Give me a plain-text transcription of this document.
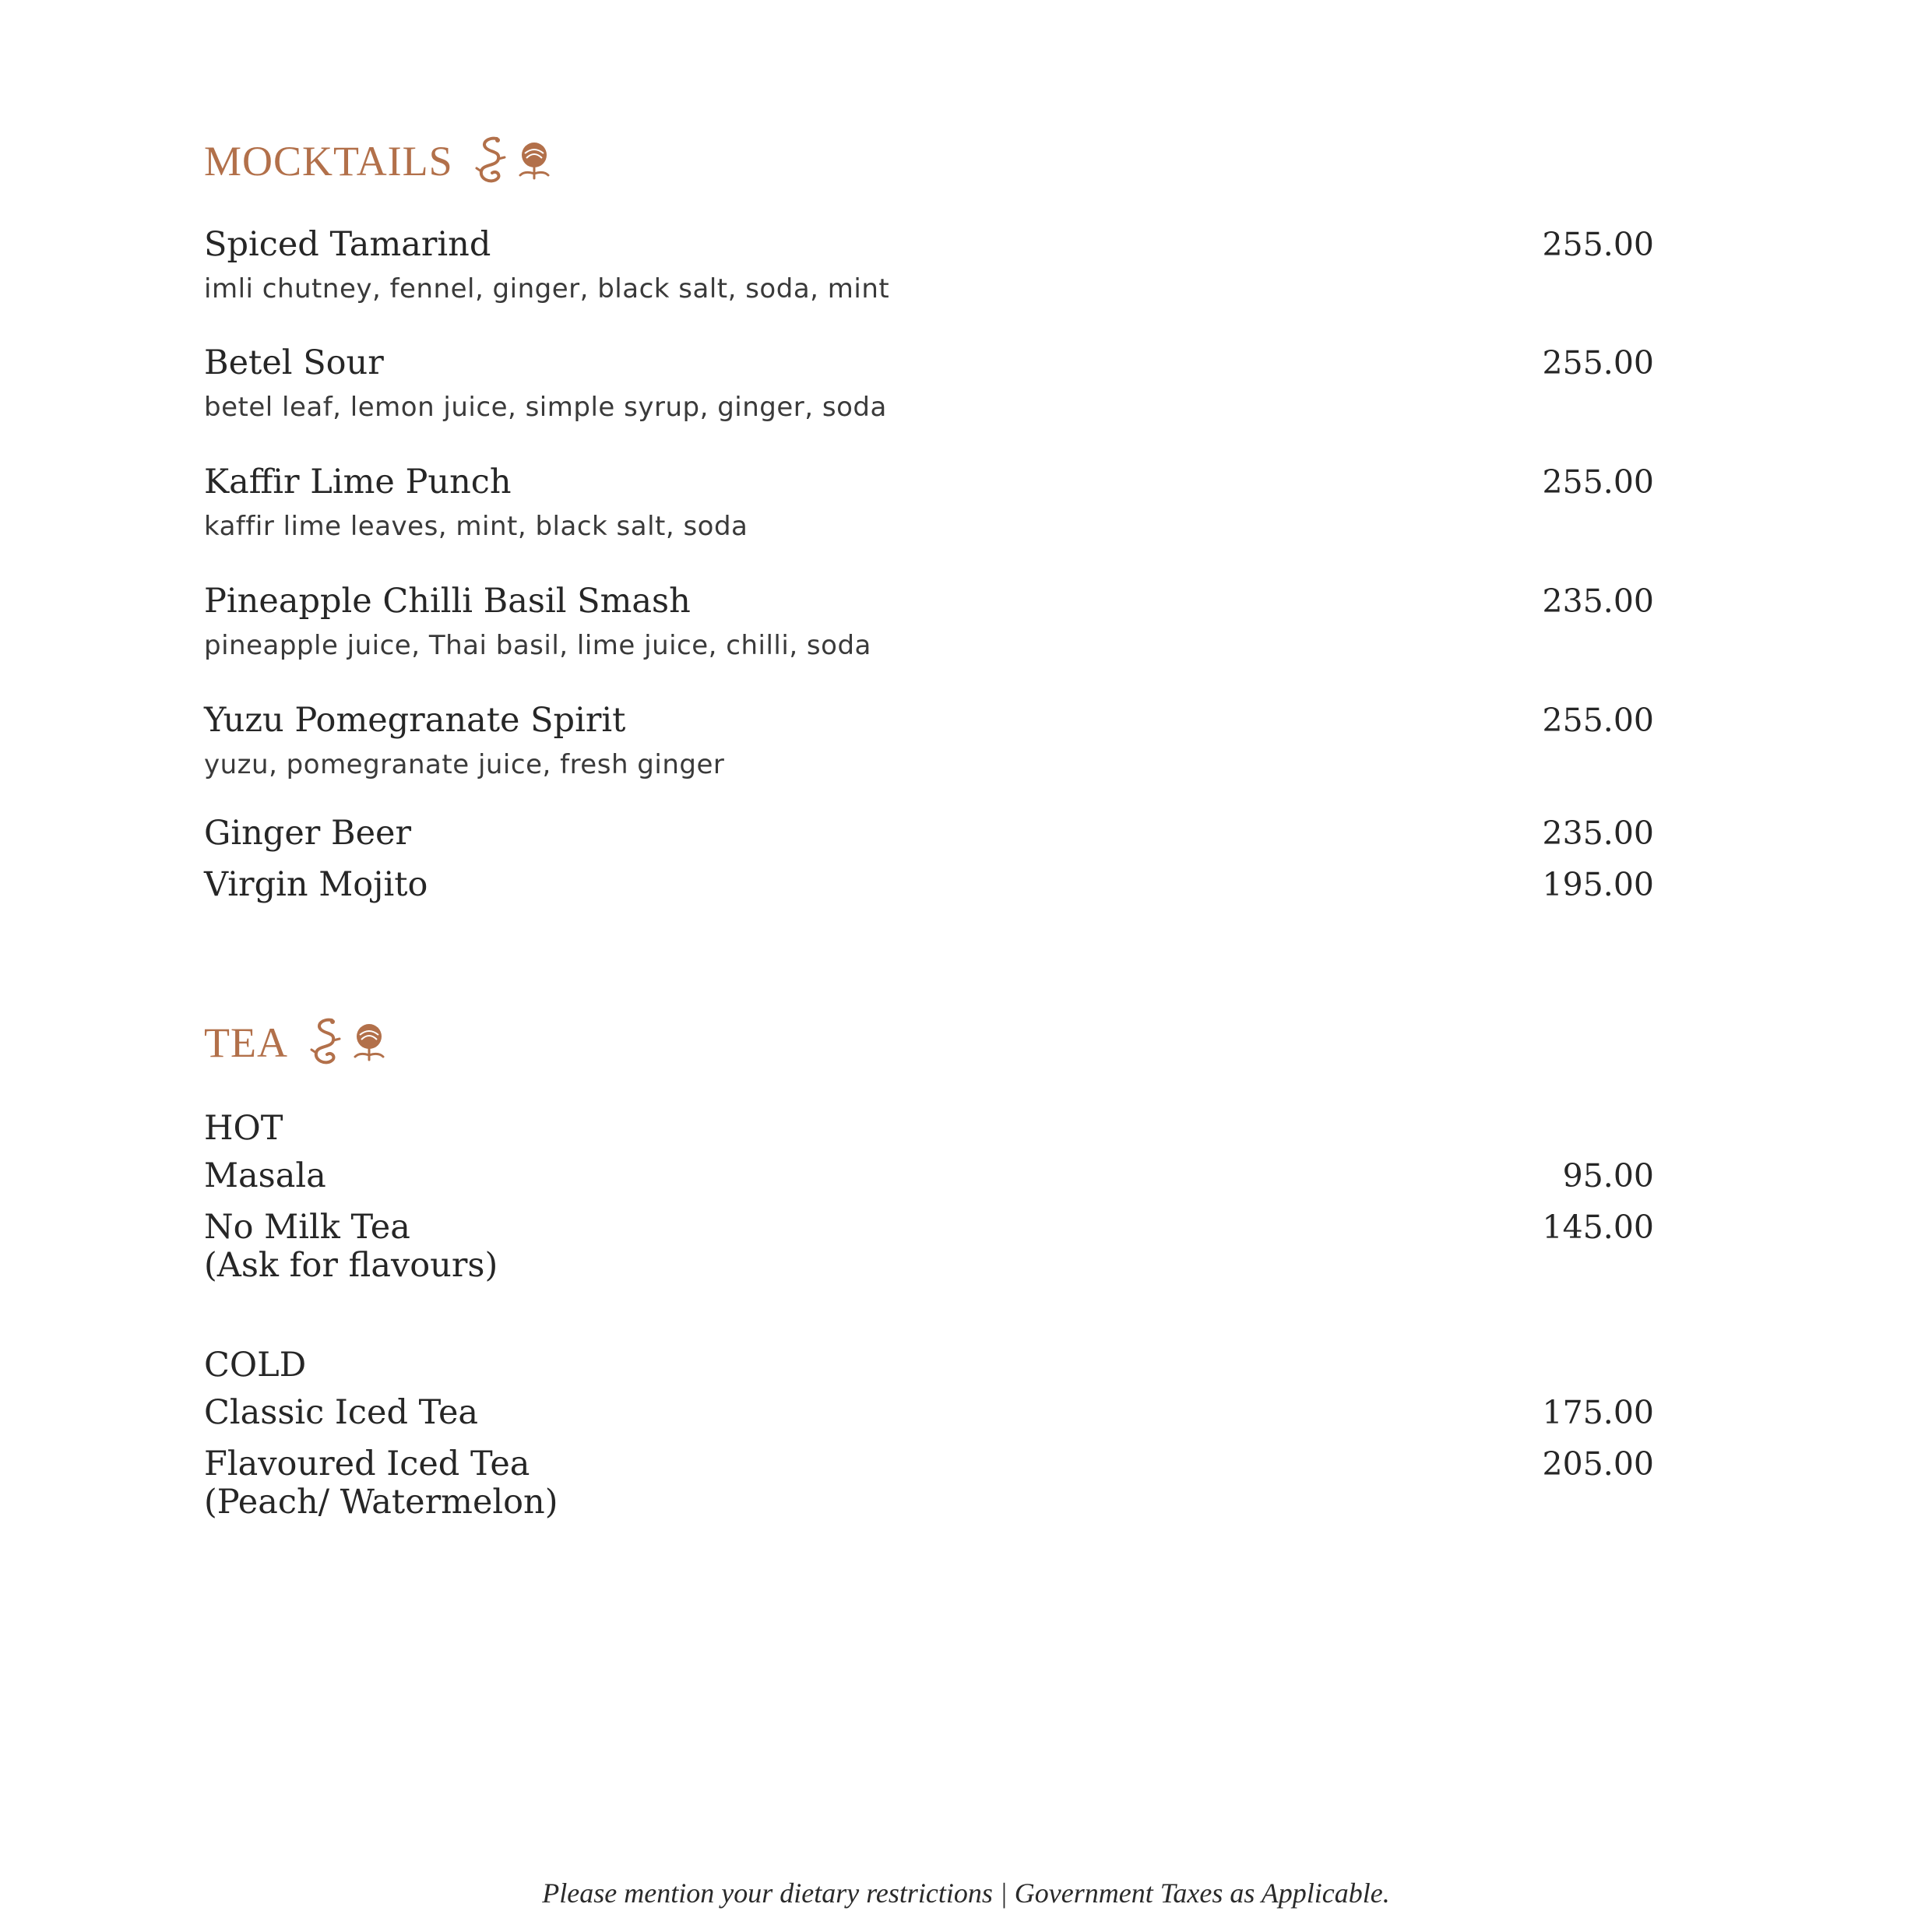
MOCKTAILS
Spiced Tamarind	255.00
imli chutney, fennel, ginger, black salt, soda, mint
Betel Sour	255.00
betel leaf, lemon juice, simple syrup, ginger, soda
Kaffir Lime Punch	255.00
kaffir lime leaves, mint, black salt, soda
Pineapple Chilli Basil Smash	235.00
pineapple juice, Thai basil, lime juice, chilli, soda
Yuzu Pomegranate Spirit	255.00
yuzu, pomegranate juice, fresh ginger
Ginger Beer	235.00
Virgin Mojito	195.00
TEA
HOT
Masala	95.00
No Milk Tea	145.00
(Ask for flavours)
COLD
Classic Iced Tea	175.00
Flavoured Iced Tea	205.00
(Peach/ Watermelon)
Please mention your dietary restrictions | Government Taxes as Applicable.
